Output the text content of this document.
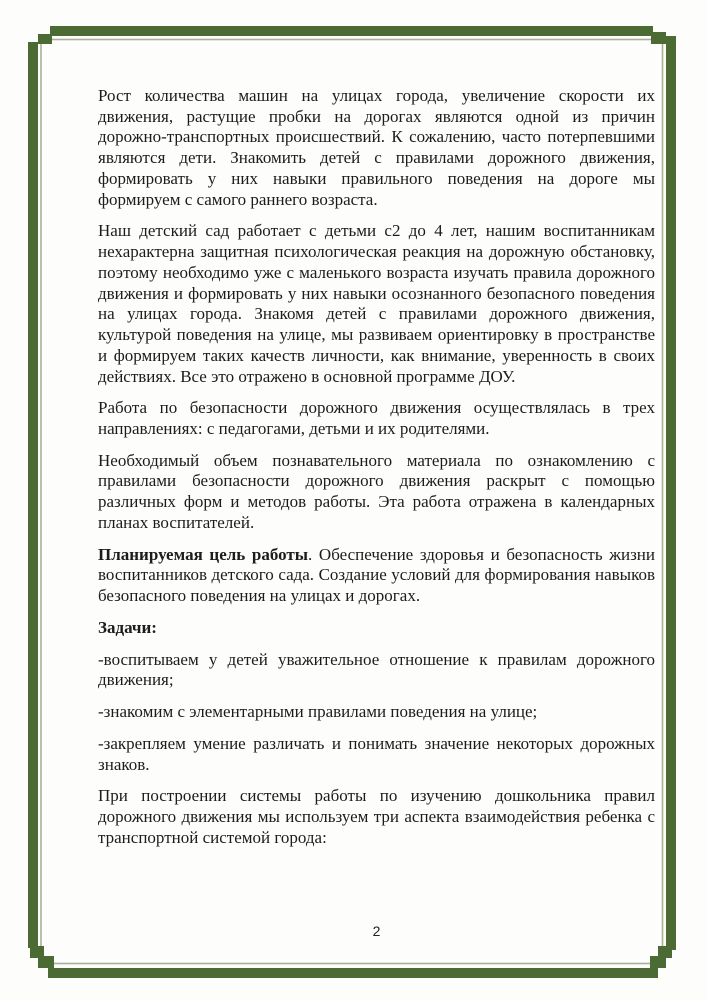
Рост количества машин на улицах города, увеличение скорости их движения, растущие пробки на дорогах являются одной из причин дорожно-транспортных происшествий. К сожалению, часто потерпевшими являются дети. Знакомить детей с правилами дорожного движения, формировать у них навыки правильного поведения на дороге мы формируем с самого раннего возраста.

Наш детский сад работает с детьми с2 до 4 лет, нашим воспитанникам нехарактерна защитная психологическая реакция на дорожную обстановку, поэтому необходимо уже с маленького возраста изучать правила дорожного движения и формировать у них навыки осознанного безопасного поведения на улицах города. Знакомя детей с правилами дорожного движения, культурой поведения на улице, мы развиваем ориентировку в пространстве и формируем таких качеств личности, как внимание, уверенность в своих действиях. Все это отражено в основной программе ДОУ.

Работа по безопасности дорожного движения осуществлялась в трех направлениях: с педагогами, детьми и их родителями.

Необходимый объем познавательного материала по ознакомлению с правилами безопасности дорожного движения раскрыт с помощью различных форм и методов работы. Эта работа отражена в календарных планах воспитателей.

Планируемая цель работы. Обеспечение здоровья и безопасность жизни воспитанников детского сада. Создание условий для формирования навыков безопасного поведения на улицах и дорогах.

Задачи:

-воспитываем у детей уважительное отношение к правилам дорожного движения;

-знакомим с элементарными правилами поведения на улице;

-закрепляем умение различать и понимать значение некоторых дорожных знаков.

При построении системы работы по изучению дошкольника правил дорожного движения мы используем три аспекта взаимодействия ребенка с транспортной системой города:

2
